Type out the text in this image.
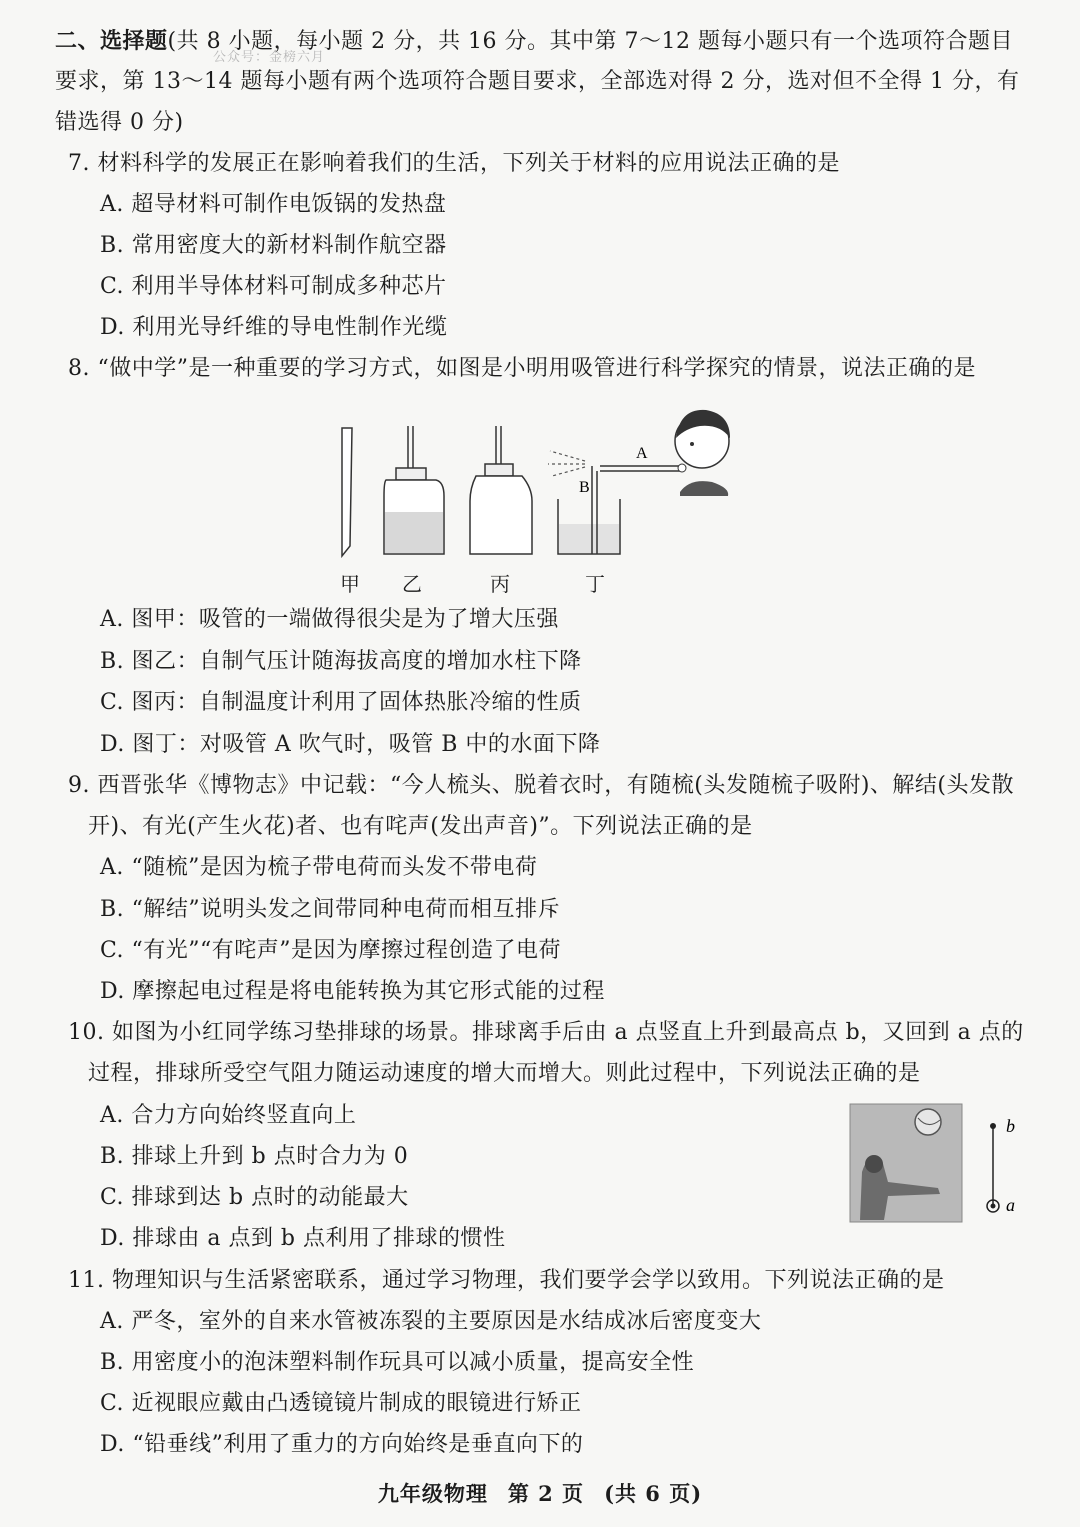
二、选择题(共 8 小题，每小题 2 分，共 16 分。其中第 7～12 题每小题只有一个选项符合题目
公众号：金榜六月
要求，第 13～14 题每小题有两个选项符合题目要求，全部选对得 2 分，选对但不全得 1 分，有
错选得 0 分)
7. 材料科学的发展正在影响着我们的生活，下列关于材料的应用说法正确的是
A. 超导材料可制作电饭锅的发热盘
B. 常用密度大的新材料制作航空器
C. 利用半导体材料可制成多种芯片
D. 利用光导纤维的导电性制作光缆
8. “做中学”是一种重要的学习方式，如图是小明用吸管进行科学探究的情景，说法正确的是
A
B
甲 乙	丙	丁
A. 图甲：吸管的一端做得很尖是为了增大压强
B. 图乙：自制气压计随海拔高度的增加水柱下降
C. 图丙：自制温度计利用了固体热胀冷缩的性质
D. 图丁：对吸管 A 吹气时，吸管 B 中的水面下降
9. 西晋张华《博物志》中记载：“今人梳头、脱着衣时，有随梳(头发随梳子吸附)、解结(头发散
开)、有光(产生火花)者、也有咤声(发出声音)”。下列说法正确的是
A. “随梳”是因为梳子带电荷而头发不带电荷
B. “解结”说明头发之间带同种电荷而相互排斥
C. “有光”“有咤声”是因为摩擦过程创造了电荷
D. 摩擦起电过程是将电能转换为其它形式能的过程
10. 如图为小红同学练习垫排球的场景。排球离手后由 a 点竖直上升到最高点 b，又回到 a 点的
过程，排球所受空气阻力随运动速度的增大而增大。则此过程中，下列说法正确的是
A. 合力方向始终竖直向上
B. 排球上升到 b 点时合力为 0
C. 排球到达 b 点时的动能最大
D. 排球由 a 点到 b 点利用了排球的惯性
b
a
11. 物理知识与生活紧密联系，通过学习物理，我们要学会学以致用。下列说法正确的是
A. 严冬，室外的自来水管被冻裂的主要原因是水结成冰后密度变大
B. 用密度小的泡沫塑料制作玩具可以减小质量，提高安全性
C. 近视眼应戴由凸透镜镜片制成的眼镜进行矫正
D. “铅垂线”利用了重力的方向始终是垂直向下的
九年级物理 第 2 页 (共 6 页)
